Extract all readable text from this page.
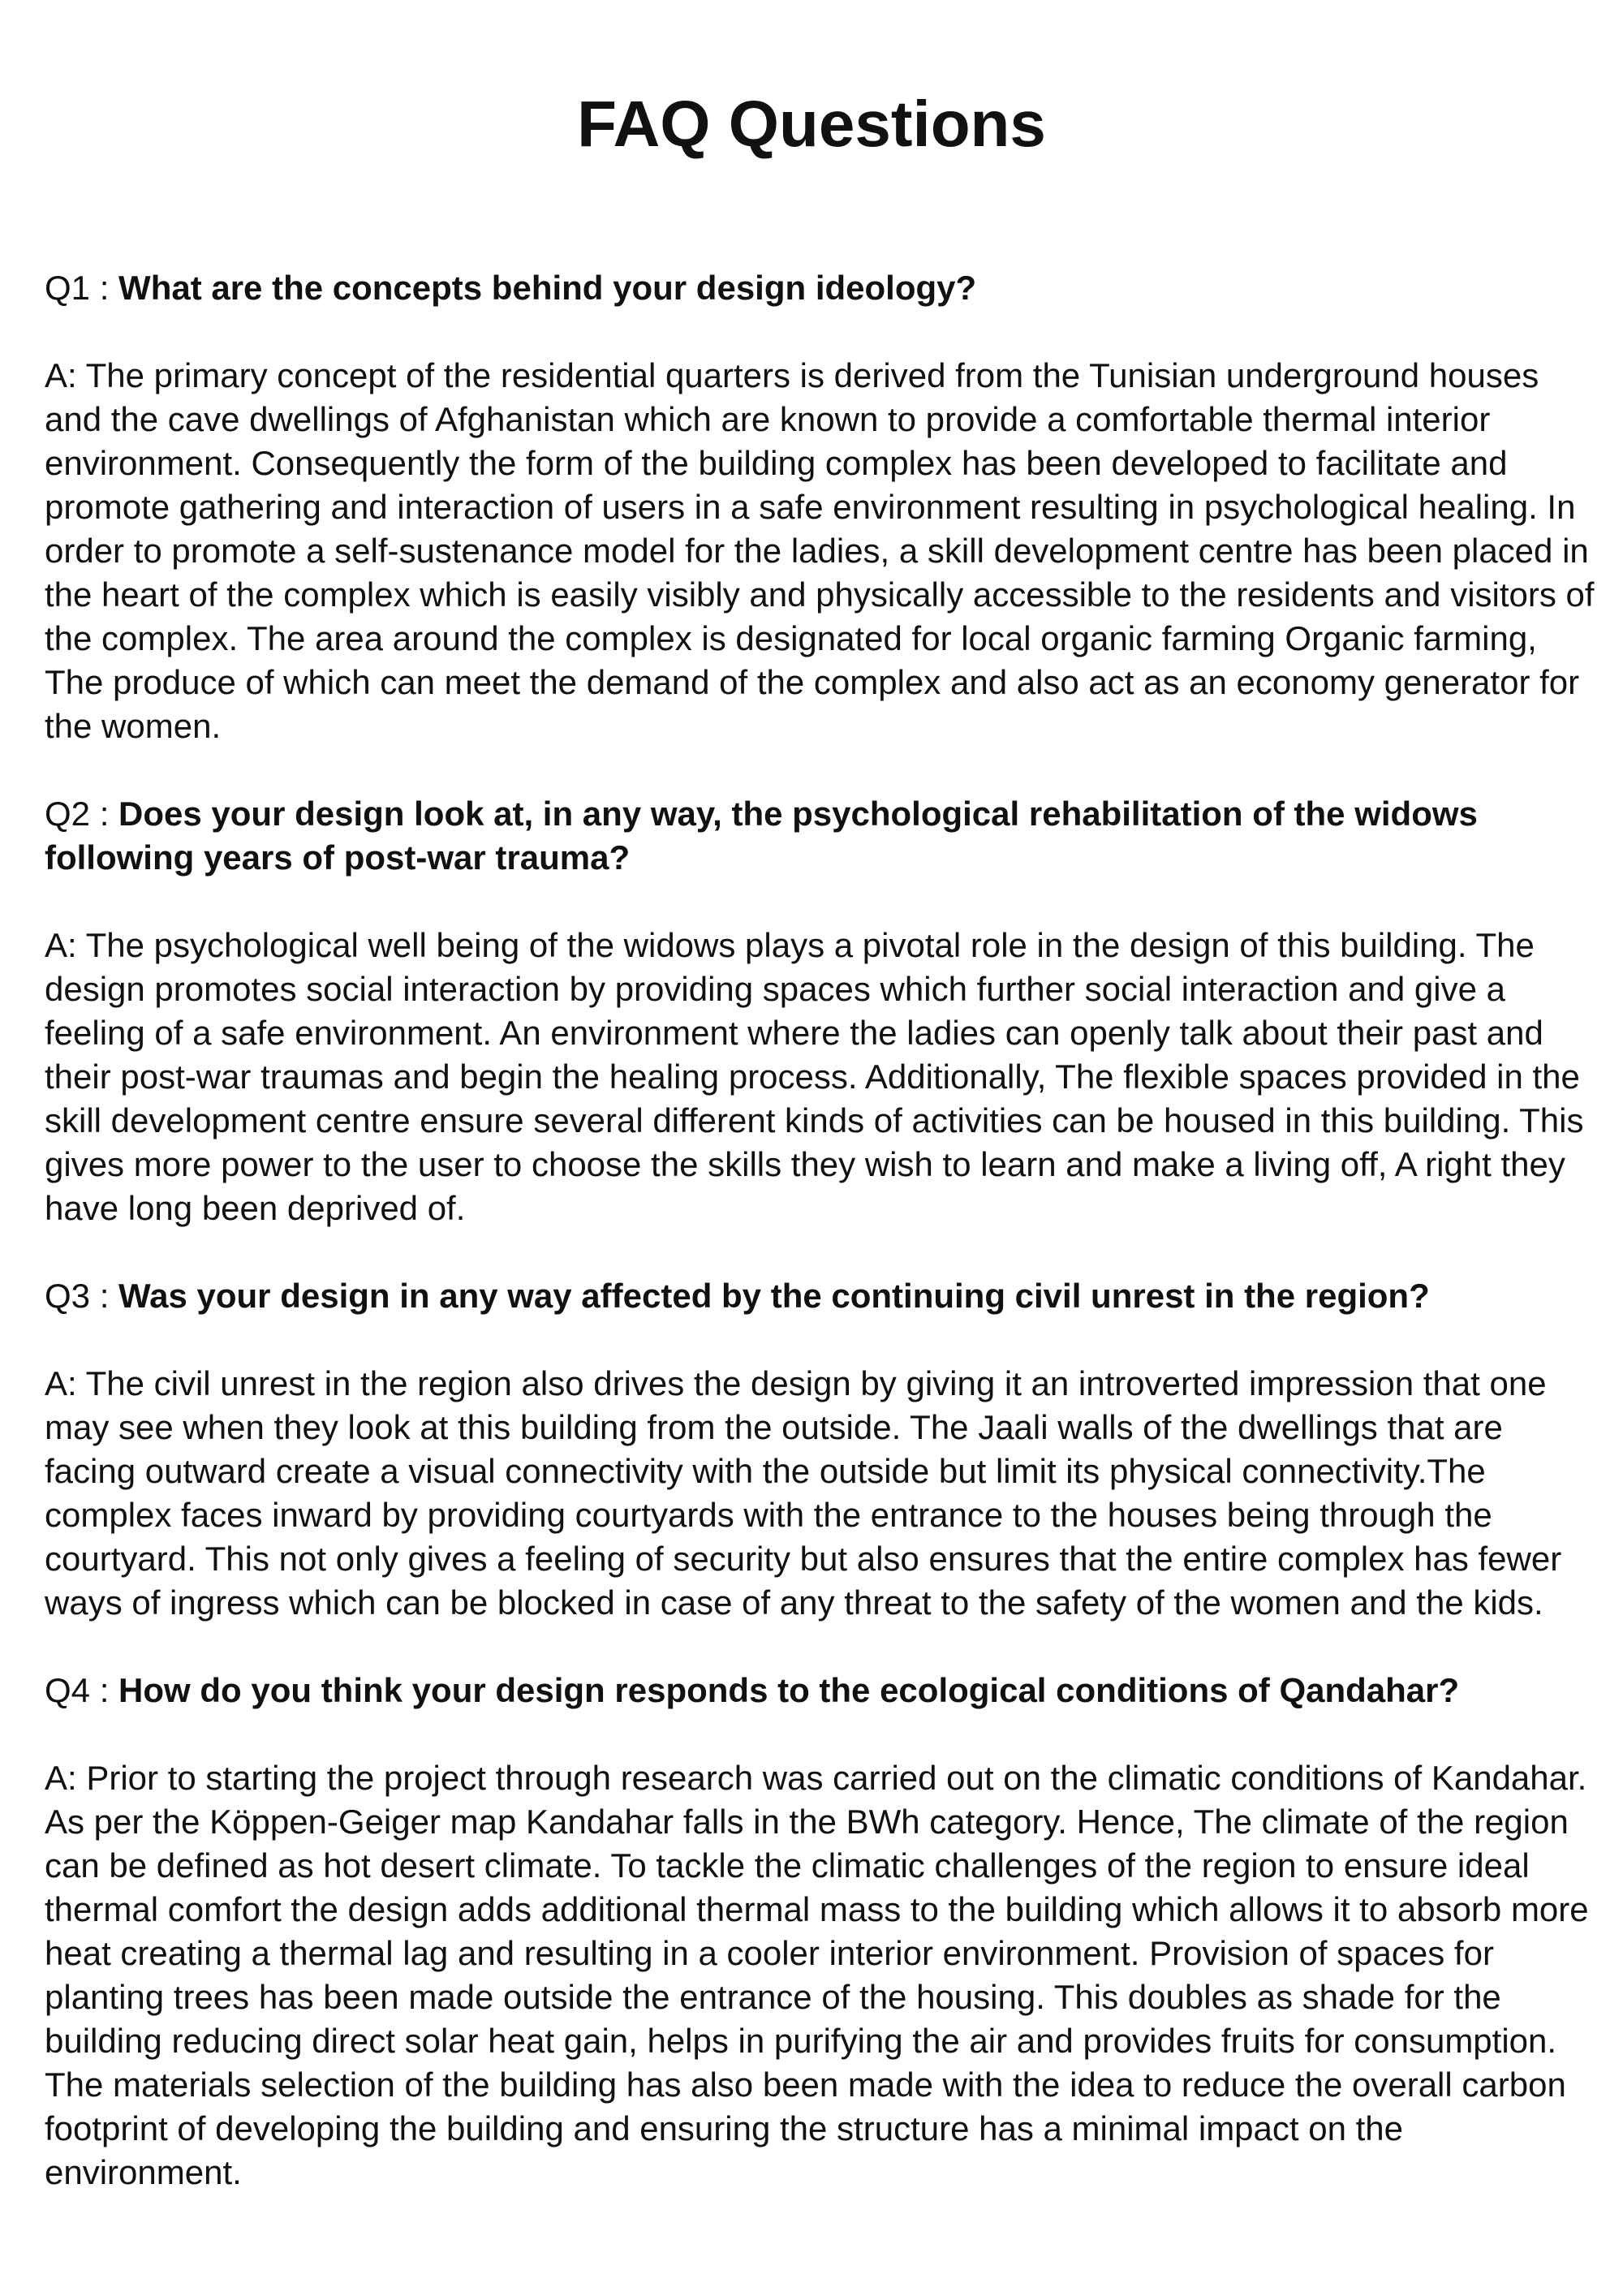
FAQ Questions

Q1 : What are the concepts behind your design ideology?

A: The primary concept of the residential quarters is derived from the Tunisian underground houses and the cave dwellings of Afghanistan which are known to provide a comfortable thermal interior environment. Consequently the form of the building complex has been developed to facilitate and promote gathering and interaction of users in a safe environment resulting in psychological healing. In order to promote a self-sustenance model for the ladies, a skill development centre has been placed in the heart of the complex which is easily visibly and physically accessible to the residents and visitors of the complex. The area around the complex is designated for local organic farming Organic farming, The produce of which can meet the demand of the complex and also act as an economy generator for the women.

Q2 : Does your design look at, in any way, the psychological rehabilitation of the widows following years of post-war trauma?

A: The psychological well being of the widows plays a pivotal role in the design of this building. The design promotes social interaction by providing spaces which further social interaction and give a feeling of a safe environment. An environment where the ladies can openly talk about their past and their post-war traumas and begin the healing process. Additionally, The flexible spaces provided in the skill development centre ensure several different kinds of activities can be housed in this building. This gives more power to the user to choose the skills they wish to learn and make a living off, A right they have long been deprived of.

Q3 : Was your design in any way affected by the continuing civil unrest in the region?

A: The civil unrest in the region also drives the design by giving it an introverted impression that one may see when they look at this building from the outside. The Jaali walls of the dwellings that are facing outward create a visual connectivity with the outside but limit its physical connectivity.The complex faces inward by providing courtyards with the entrance to the houses being through the courtyard. This not only gives a feeling of security but also ensures that the entire complex has fewer ways of ingress which can be blocked in case of any threat to the safety of the women and the kids.

Q4 : How do you think your design responds to the ecological conditions of Qandahar?

A: Prior to starting the project through research was carried out on the climatic conditions of Kandahar. As per the Köppen-Geiger map Kandahar falls in the BWh category. Hence, The climate of the region can be defined as hot desert climate. To tackle the climatic challenges of the region to ensure ideal thermal comfort the design adds additional thermal mass to the building which allows it to absorb more heat creating a thermal lag and resulting in a cooler interior environment. Provision of spaces for planting trees has been made outside the entrance of the housing. This doubles as shade for the building reducing direct solar heat gain, helps in purifying the air and provides fruits for consumption.

The materials selection of the building has also been made with the idea to reduce the overall carbon footprint of developing the building and ensuring the structure has a minimal impact on the environment.
